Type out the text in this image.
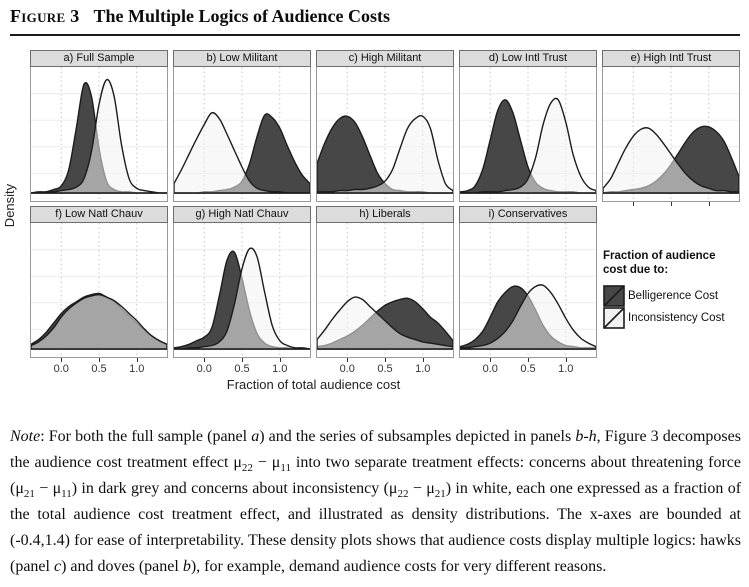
Figure 3 The Multiple Logics of Audience Costs
Density
a) Full Sample	b) Low Militant	c) High Militant	d) Low Intl Trust	e) High Intl Trust
f) Low Natl Chauv
0.0	0.5	1.0
g) High Natl Chauv
0.0	0.5	1.0
h) Liberals
0.0	0.5	1.0
i) Conservatives
0.0	0.5	1.0
Fraction of total audience cost
Fraction of audience
cost due to:
Belligerence Cost
Inconsistency Cost

Note: For both the full sample (panel a) and the series of subsamples depicted in panels b-h, Figure 3 decomposes the audience cost treatment effect $\mu_{22} - \mu_{11}$ into two separate treatment effects: concerns about threatening force $(\mu_{21} - \mu_{11})$ in dark grey and concerns about inconsistency $(\mu_{22} - \mu_{21})$ in white, each one expressed as a fraction of the total audience cost treatment effect, and illustrated as density distributions. The x-axes are bounded at (-0.4,1.4) for ease of interpretability. These density plots shows that audience costs display multiple logics: hawks (panel c) and doves (panel b), for example, demand audience costs for very different reasons.
